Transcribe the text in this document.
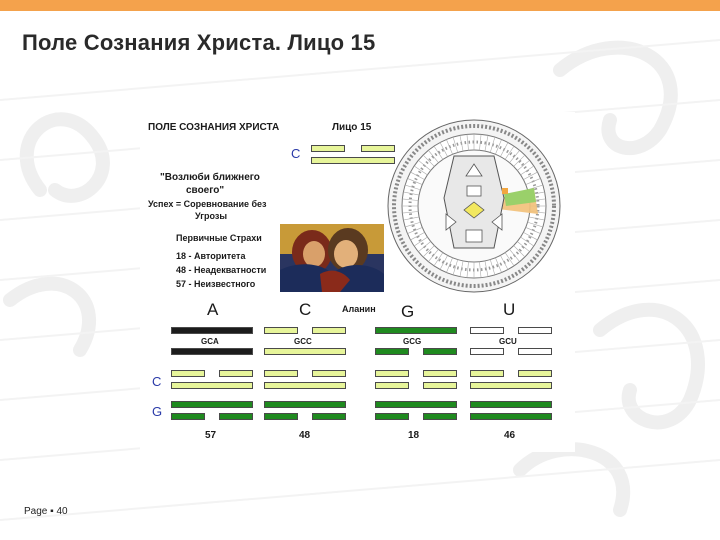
Поле Сознания Христа. Лицо 15
ПОЛЕ СОЗНАНИЯ ХРИСТА	Лицо 15
C
"Возлюби ближнего
своего"
Успех = Соревнование без
Угрозы
Первичные Страхи
18 - Авторитета
48 - Неадекватности
57 - Неизвестного
A	C	Аланин G	U
GCA	GCC	GCG	GCU
C
G
57	48	18	46
Page ▪ 40
